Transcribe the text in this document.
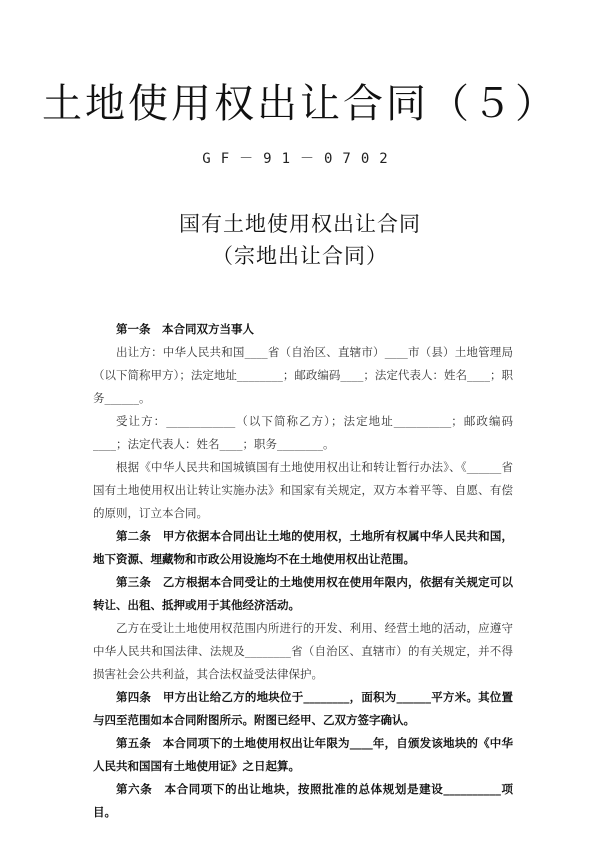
土地使用权出让合同（５）
GF－91－0702
国有土地使用权出让合同
（宗地出让合同）

第一条　本合同双方当事人

出让方：中华人民共和国____省（自治区、直辖市）____市（县）土地管理局（以下简称甲方）；法定地址________；邮政编码____；法定代表人：姓名____；职务______。

受让方：____________（以下简称乙方）；法定地址__________；邮政编码____；法定代表人：姓名____；职务________。

根据《中华人民共和国城镇国有土地使用权出让和转让暂行办法》、《______省国有土地使用权出让转让实施办法》和国家有关规定，双方本着平等、自愿、有偿的原则，订立本合同。

第二条　甲方依据本合同出让土地的使用权，土地所有权属中华人民共和国，地下资源、埋藏物和市政公用设施均不在土地使用权出让范围。

第三条　乙方根据本合同受让的土地使用权在使用年限内，依据有关规定可以转让、出租、抵押或用于其他经济活动。

乙方在受让土地使用权范围内所进行的开发、利用、经营土地的活动，应遵守中华人民共和国法律、法规及________省（自治区、直辖市）的有关规定，并不得损害社会公共利益，其合法权益受法律保护。

第四条　甲方出让给乙方的地块位于________，面积为______平方米。其位置与四至范围如本合同附图所示。附图已经甲、乙双方签字确认。

第五条　本合同项下的土地使用权出让年限为____年，自颁发该地块的《中华人民共和国国有土地使用证》之日起算。

第六条　本合同项下的出让地块，按照批准的总体规划是建设__________项目。
